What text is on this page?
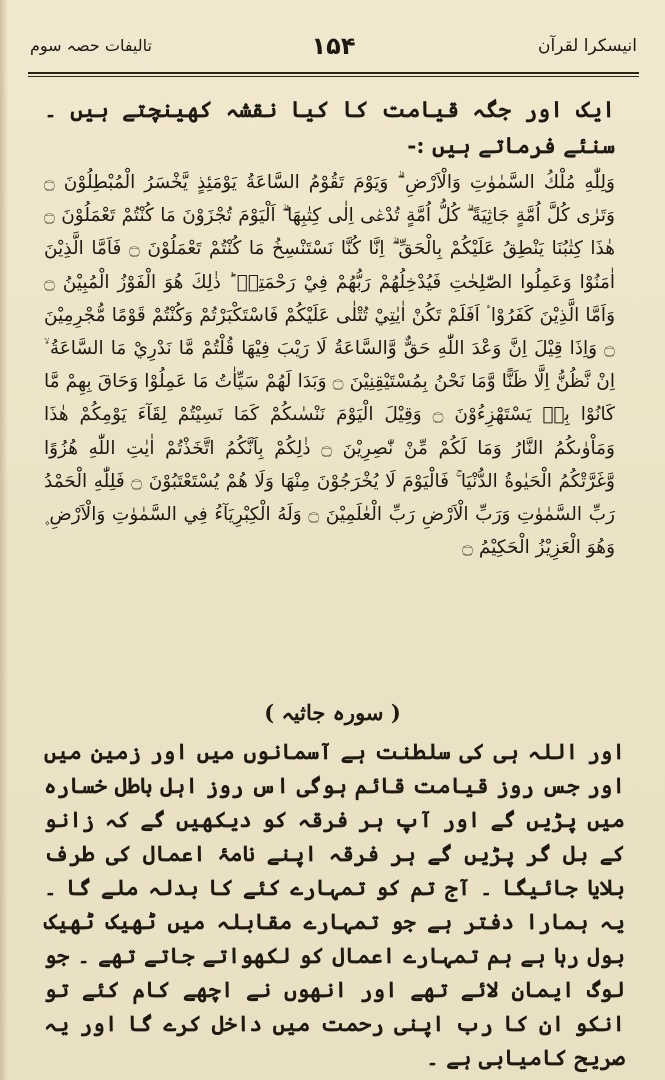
انیسکرا لقرآن
۱۵۴
تالیفات حصہ سوم

ایک اور جگہ قیامت کا کیا نقشہ کھینچتے ہیں ۔ سنئے فرماتے ہیں :-

وَلِلّٰهِ مُلْكُ السَّمٰوٰتِ وَالْاَرْضِ ۗ وَيَوْمَ تَقُوْمُ السَّاعَةُ يَوْمَئِذٍ يَّخْسَرُ الْمُبْطِلُوْنَ ۝ وَتَرٰى كُلَّ اُمَّةٍ جَاثِيَةً ۗ كُلُّ اُمَّةٍ تُدْعٰۤى اِلٰى كِتٰبِهَا ۗ اَلْيَوْمَ تُجْزَوْنَ مَا كُنْتُمْ تَعْمَلُوْنَ ۝ هٰذَا كِتٰبُنَا يَنْطِقُ عَلَيْكُمْ بِالْحَقِّ ۗ اِنَّا كُنَّا نَسْتَنْسِخُ مَا كُنْتُمْ تَعْمَلُوْنَ ۝ فَاَمَّا الَّذِيْنَ اٰمَنُوْا وَعَمِلُوا الصّٰلِحٰتِ فَيُدْخِلُهُمْ رَبُّهُمْ فِيْ رَحْمَتِهٖ ؕ ذٰلِكَ هُوَ الْفَوْزُ الْمُبِيْنُ ۝ وَاَمَّا الَّذِيْنَ كَفَرُوْا ۟ اَفَلَمْ تَكُنْ اٰيٰتِيْ تُتْلٰى عَلَيْكُمْ فَاسْتَكْبَرْتُمْ وَكُنْتُمْ قَوْمًا مُّجْرِمِيْنَ ۝ وَاِذَا قِيْلَ اِنَّ وَعْدَ اللّٰهِ حَقٌّ وَّالسَّاعَةُ لَا رَيْبَ فِيْهَا قُلْتُمْ مَّا نَدْرِيْ مَا السَّاعَةُ ۙ اِنْ نَّظُنُّ اِلَّا ظَنًّا وَّمَا نَحْنُ بِمُسْتَيْقِنِيْنَ ۝ وَبَدَا لَهُمْ سَيِّاٰتُ مَا عَمِلُوْا وَحَاقَ بِهِمْ مَّا كَانُوْا بِهٖ يَسْتَهْزِءُوْنَ ۝ وَقِيْلَ الْيَوْمَ نَنْسٰىكُمْ كَمَا نَسِيْتُمْ لِقَآءَ يَوْمِكُمْ هٰذَا وَمَاْوٰىكُمُ النَّارُ وَمَا لَكُمْ مِّنْ نّٰصِرِيْنَ ۝ ذٰلِكُمْ بِاَنَّكُمُ اتَّخَذْتُمْ اٰيٰتِ اللّٰهِ هُزُوًا وَّغَرَّتْكُمُ الْحَيٰوةُ الدُّنْيَا ۚ فَالْيَوْمَ لَا يُخْرَجُوْنَ مِنْهَا وَلَا هُمْ يُسْتَعْتَبُوْنَ ۝ فَلِلّٰهِ الْحَمْدُ رَبِّ السَّمٰوٰتِ وَرَبِّ الْاَرْضِ رَبِّ الْعٰلَمِيْنَ ۝ وَلَهُ الْكِبْرِيَآءُ فِي السَّمٰوٰتِ وَالْاَرْضِ ۪ وَهُوَ الْعَزِيْزُ الْحَكِيْمُ ۝

( سورہ جاثیہ )

اور اللہ ہی کی سلطنت ہے آسمانوں میں اور زمین میں اور جس روز قیامت قائم ہوگی اس روز اہل باطل خسارہ میں پڑیں گے اور آپ ہر فرقہ کو دیکھیں گے کہ زانو کے بل گر پڑیں گے ہر فرقہ اپنے نامۂ اعمال کی طرف بلایا جائیگا ۔ آج تم کو تمہارے کئے کا بدلہ ملے گا ۔ یہ ہمارا دفتر ہے جو تمہارے مقابلہ میں ٹھیک ٹھیک بول رہا ہے ہم تمہارے اعمال کو لکھواتے جاتے تھے ۔ جو لوگ ایمان لائے تھے اور انھوں نے اچھے کام کئے تو انکو ان کا رب اپنی رحمت میں داخل کرے گا اور یہ صریح کامیابی ہے ۔
